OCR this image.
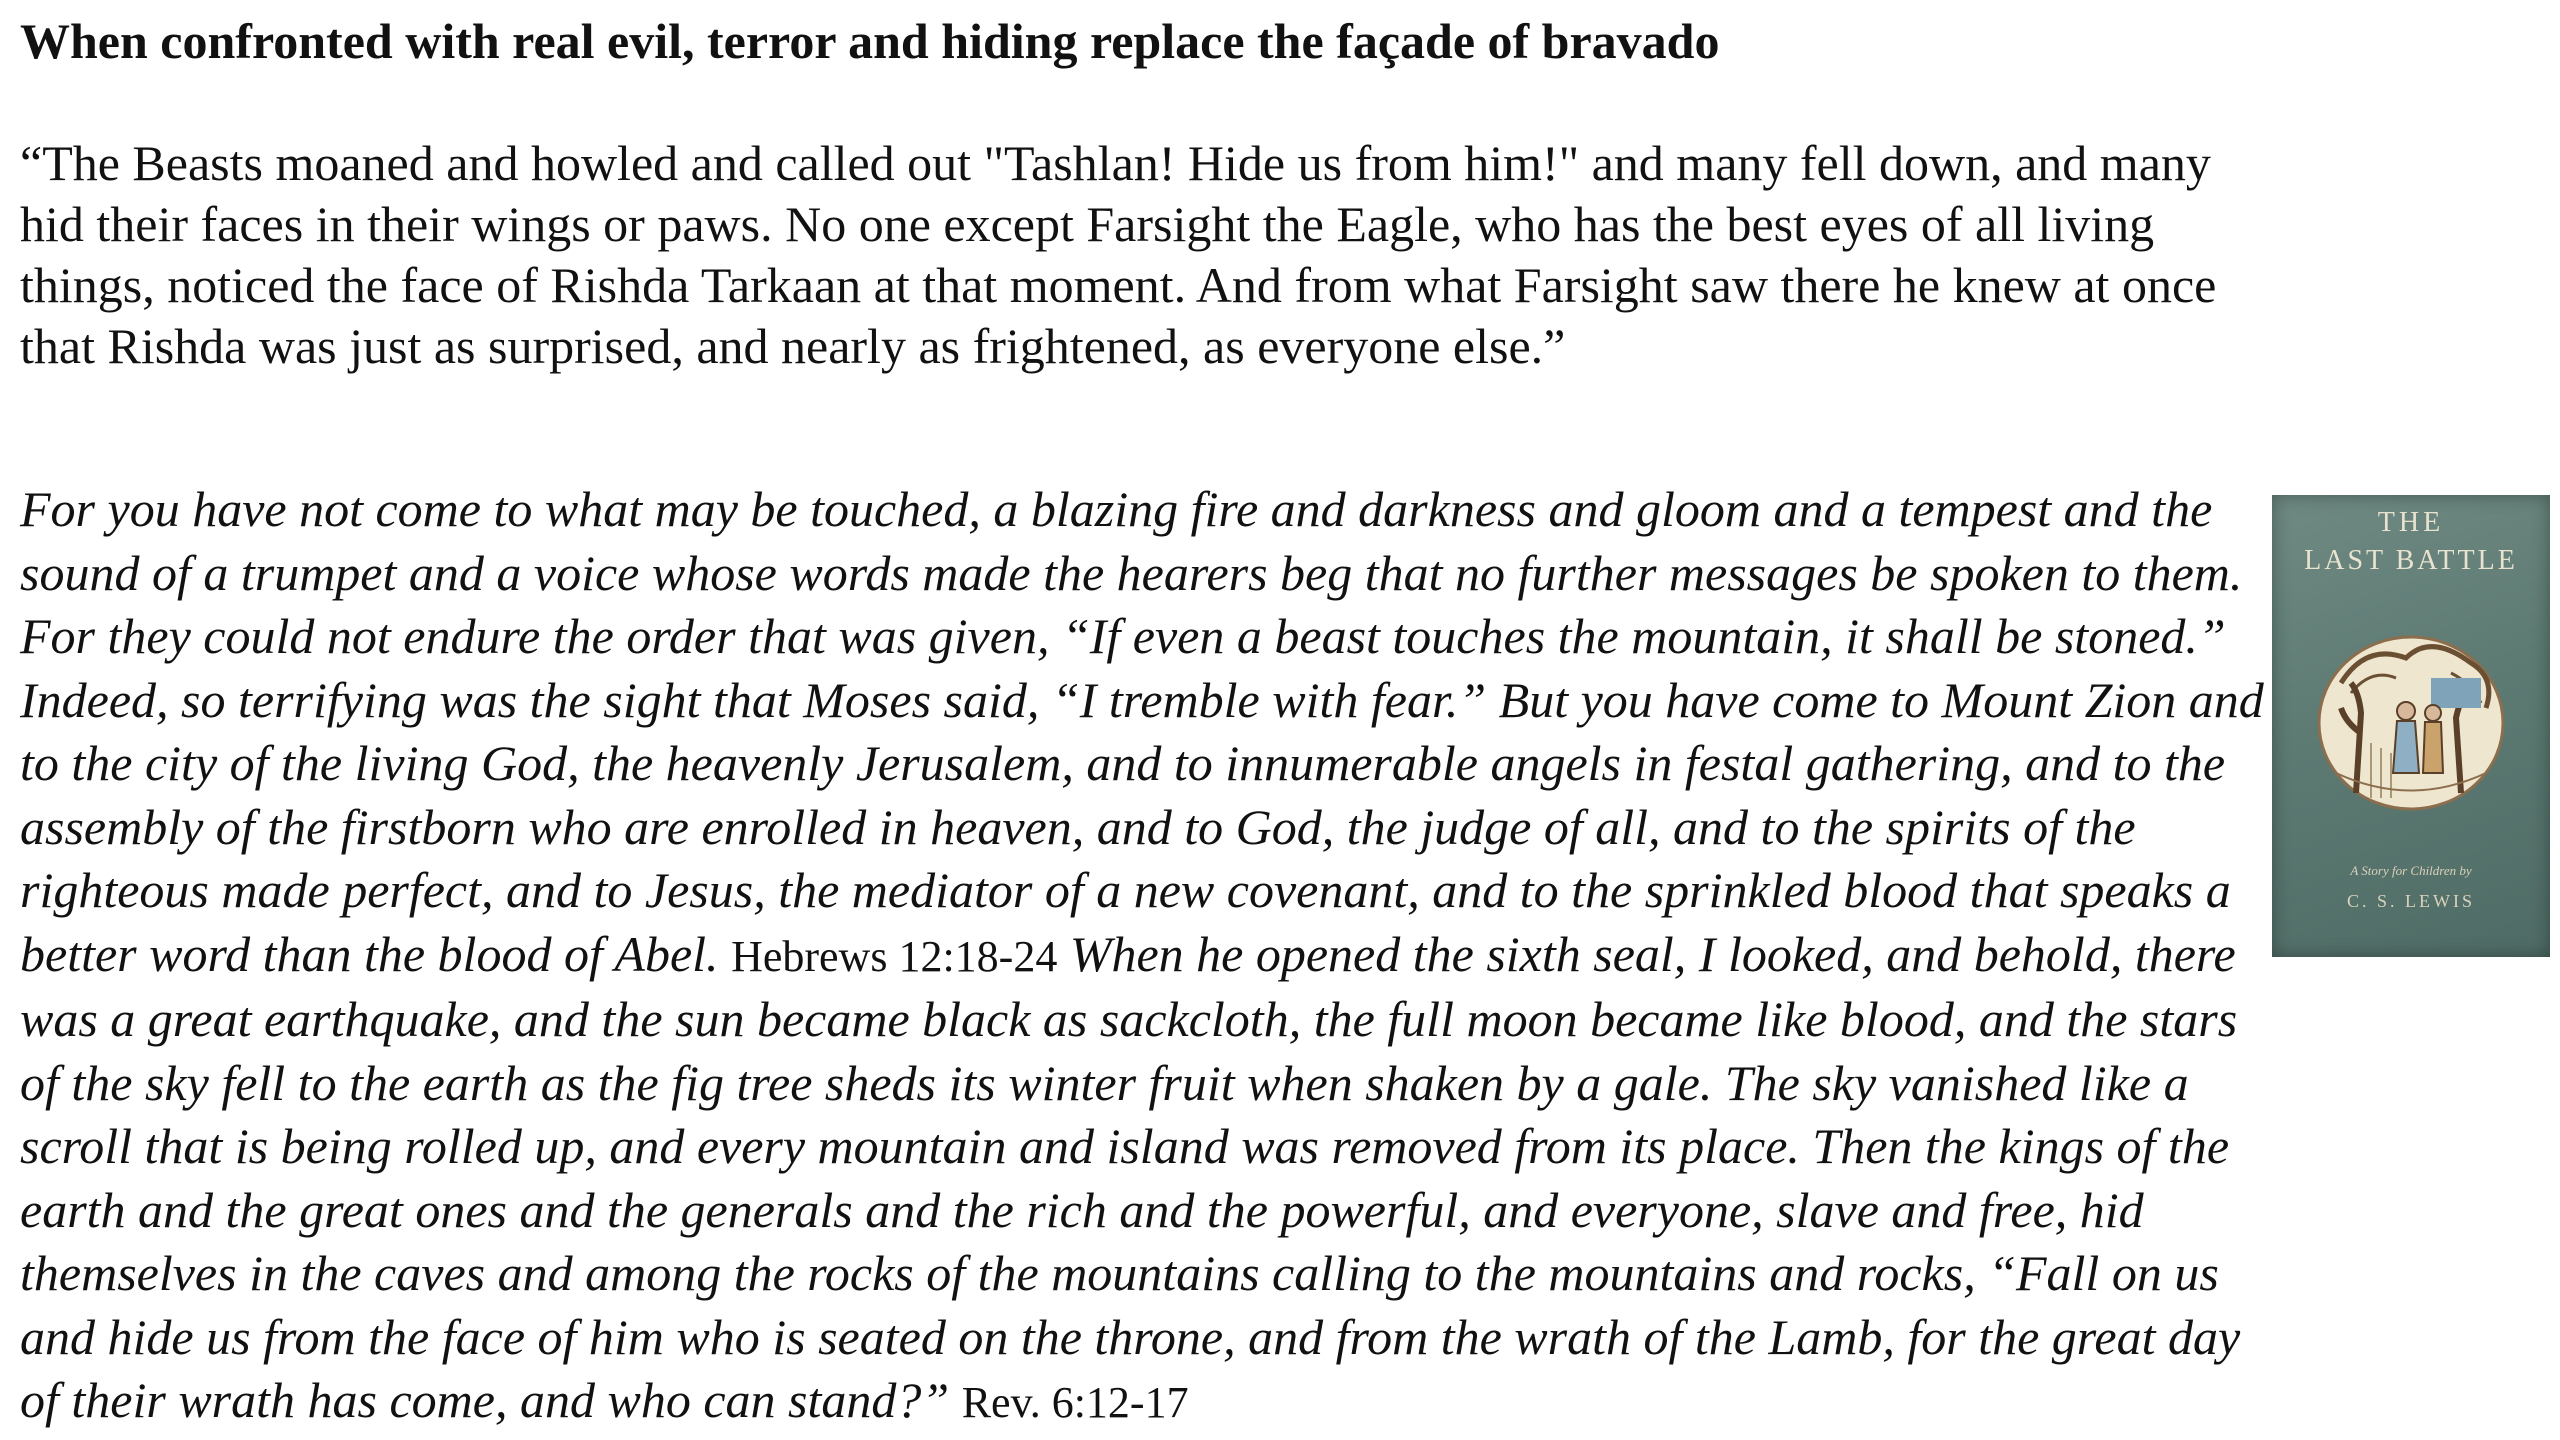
When confronted with real evil, terror and hiding replace the façade of bravado

“The Beasts moaned and howled and called out "Tashlan! Hide us from him!" and many fell down, and many hid their faces in their wings or paws. No one except Farsight the Eagle, who has the best eyes of all living things, noticed the face of Rishda Tarkaan at that moment. And from what Farsight saw there he knew at once that Rishda was just as surprised, and nearly as frightened, as everyone else.”

For you have not come to what may be touched, a blazing fire and darkness and gloom and a tempest and the sound of a trumpet and a voice whose words made the hearers beg that no further messages be spoken to them. For they could not endure the order that was given, “If even a beast touches the mountain, it shall be stoned.” Indeed, so terrifying was the sight that Moses said, “I tremble with fear.” But you have come to Mount Zion and to the city of the living God, the heavenly Jerusalem, and to innumerable angels in festal gathering, and to the assembly of the firstborn who are enrolled in heaven, and to God, the judge of all, and to the spirits of the righteous made perfect, and to Jesus, the mediator of a new covenant, and to the sprinkled blood that speaks a better word than the blood of Abel. Hebrews 12:18-24 When he opened the sixth seal, I looked, and behold, there was a great earthquake, and the sun became black as sackcloth, the full moon became like blood, and the stars of the sky fell to the earth as the fig tree sheds its winter fruit when shaken by a gale. The sky vanished like a scroll that is being rolled up, and every mountain and island was removed from its place. Then the kings of the earth and the great ones and the generals and the rich and the powerful, and everyone, slave and free, hid themselves in the caves and among the rocks of the mountains calling to the mountains and rocks, “Fall on us and hide us from the face of him who is seated on the throne, and from the wrath of the Lamb, for the great day of their wrath has come, and who can stand?” Rev. 6:12-17

THE
LAST BATTLE
A Story for Children by
C. S. LEWIS
